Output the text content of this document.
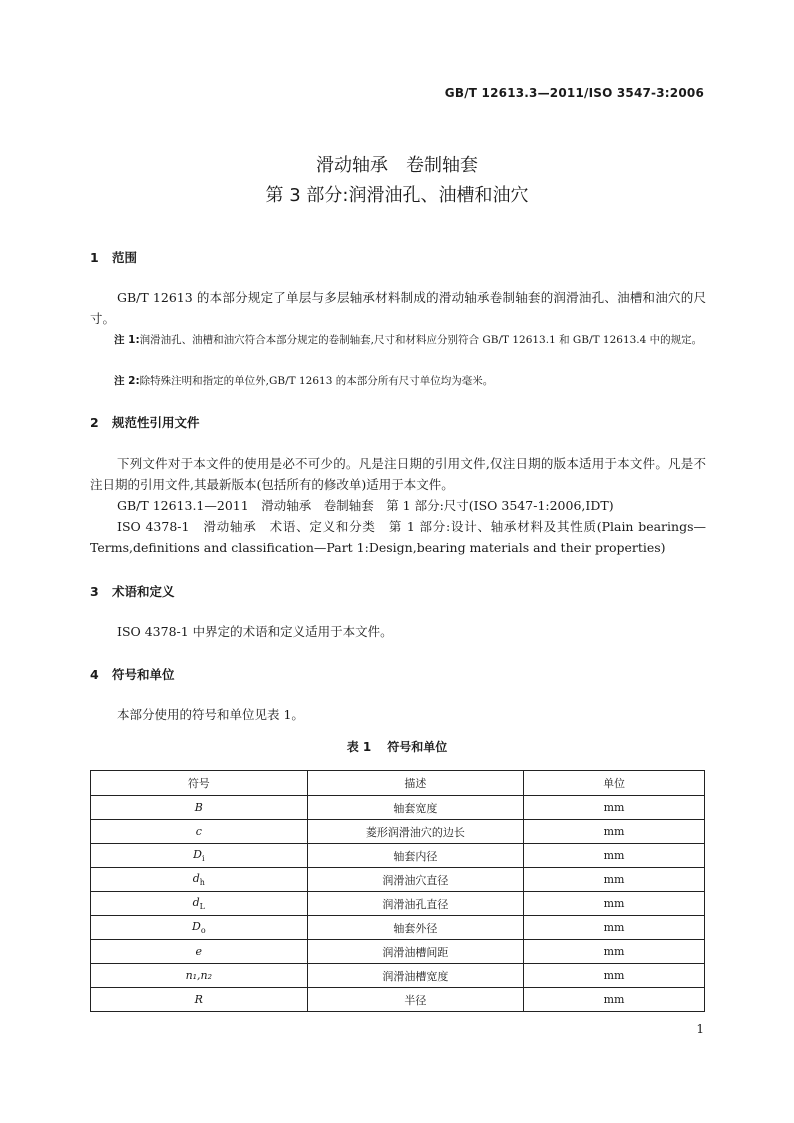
GB/T 12613.3—2011/ISO 3547-3:2006
滑动轴承　卷制轴套
第 3 部分:润滑油孔、油槽和油穴
1 范围

GB/T 12613 的本部分规定了单层与多层轴承材料制成的滑动轴承卷制轴套的润滑油孔、油槽和油穴的尺寸。

注 1:润滑油孔、油槽和油穴符合本部分规定的卷制轴套,尺寸和材料应分别符合 GB/T 12613.1 和 GB/T 12613.4 中的规定。
注 2:除特殊注明和指定的单位外,GB/T 12613 的本部分所有尺寸单位均为毫米。
2 规范性引用文件

下列文件对于本文件的使用是必不可少的。凡是注日期的引用文件,仅注日期的版本适用于本文件。凡是不注日期的引用文件,其最新版本(包括所有的修改单)适用于本文件。

GB/T 12613.1—2011　滑动轴承　卷制轴套　第 1 部分:尺寸(ISO 3547-1:2006,IDT)

ISO 4378-1　滑动轴承　术语、定义和分类　第 1 部分:设计、轴承材料及其性质(Plain bearings—Terms,definitions and classification—Part 1:Design,bearing materials and their properties)

3 术语和定义

ISO 4378-1 中界定的术语和定义适用于本文件。

4 符号和单位

本部分使用的符号和单位见表 1。

表 1 符号和单位
符号	描述	单位
B	轴套宽度	mm
c	菱形润滑油穴的边长	mm
$D_i$	轴套内径	mm
$d_h$	润滑油穴直径	mm
$d_L$	润滑油孔直径	mm
$D_o$	轴套外径	mm
e	润滑油槽间距	mm
n₁,n₂	润滑油槽宽度	mm
R	半径	mm
1
